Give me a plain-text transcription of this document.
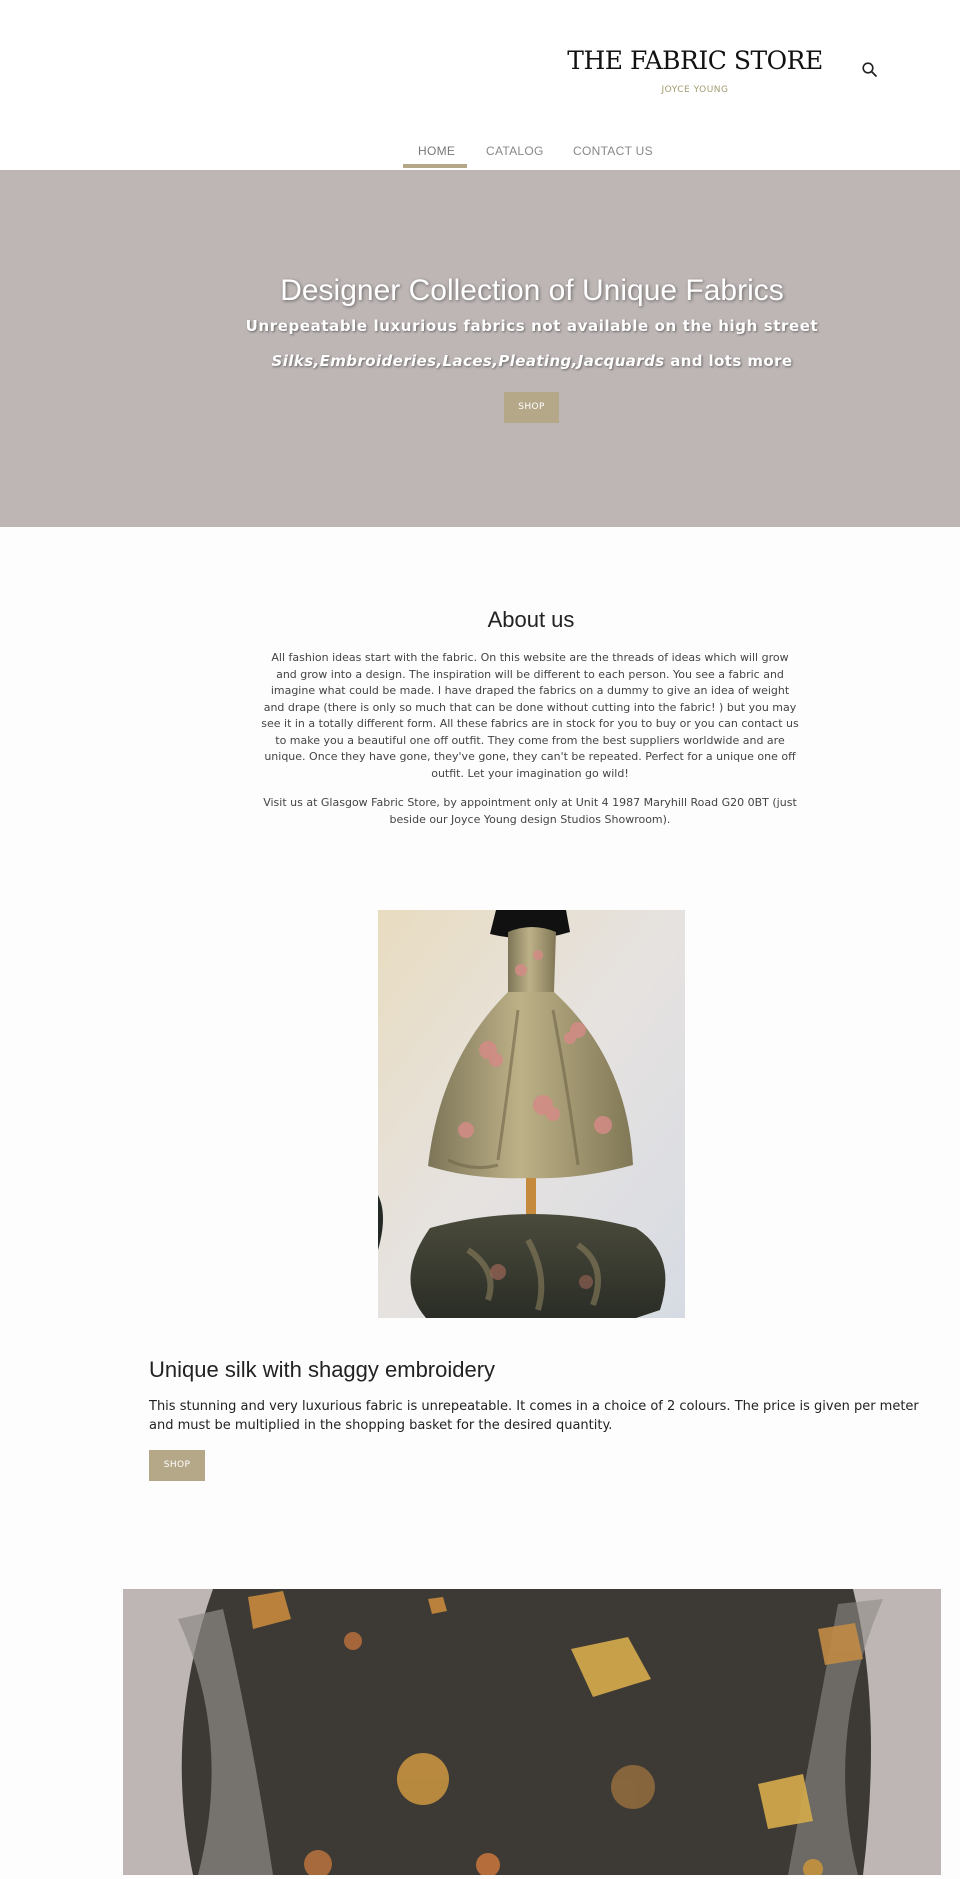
THE FABRIC STORE
JOYCE YOUNG
HOME	CATALOG CONTACT US
Designer Collection of Unique Fabrics
Unrepeatable luxurious fabrics not available on the high street
Silks,Embroideries,Laces,Pleating,Jacquards and lots more
SHOP
About us

All fashion ideas start with the fabric. On this website are the threads of ideas which will grow and grow into a design. The inspiration will be different to each person. You see a fabric and imagine what could be made. I have draped the fabrics on a dummy to give an idea of weight and drape (there is only so much that can be done without cutting into the fabric! ) but you may see it in a totally different form. All these fabrics are in stock for you to buy or you can contact us to make you a beautiful one off outfit. They come from the best suppliers worldwide and are unique. Once they have gone, they've gone, they can't be repeated. Perfect for a unique one off outfit. Let your imagination go wild!

Visit us at Glasgow Fabric Store, by appointment only at Unit 4 1987 Maryhill Road G20 0BT (just beside our Joyce Young design Studios Showroom).

Unique silk with shaggy embroidery

This stunning and very luxurious fabric is unrepeatable. It comes in a choice of 2 colours. The price is given per meter and must be multiplied in the shopping basket for the desired quantity.

SHOP
